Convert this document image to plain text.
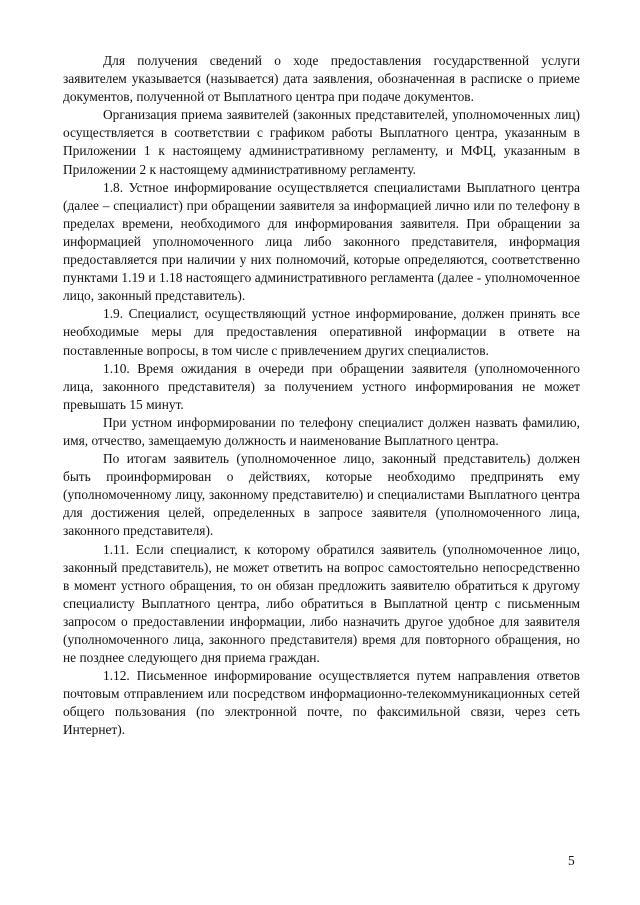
Для получения сведений о ходе предоставления государственной услуги заявителем указывается (называется) дата заявления, обозначенная в расписке о приеме документов, полученной от Выплатного центра при подаче документов.

Организация приема заявителей (законных представителей, уполномоченных лиц) осуществляется в соответствии с графиком работы Выплатного центра, указанным в Приложении 1 к настоящему административному регламенту, и МФЦ, указанным в Приложении 2 к настоящему административному регламенту.

1.8. Устное информирование осуществляется специалистами Выплатного центра (далее – специалист) при обращении заявителя за информацией лично или по телефону в пределах времени, необходимого для информирования заявителя. При обращении за информацией уполномоченного лица либо законного представителя, информация предоставляется при наличии у них полномочий, которые определяются, соответственно пунктами 1.19 и 1.18 настоящего административного регламента (далее - уполномоченное лицо, законный представитель).

1.9. Специалист, осуществляющий устное информирование, должен принять все необходимые меры для предоставления оперативной информации в ответе на поставленные вопросы, в том числе с привлечением других специалистов.

1.10. Время ожидания в очереди при обращении заявителя (уполномоченного лица, законного представителя) за получением устного информирования не может превышать 15 минут.

При устном информировании по телефону специалист должен назвать фамилию, имя, отчество, замещаемую должность и наименование Выплатного центра.

По итогам заявитель (уполномоченное лицо, законный представитель) должен быть проинформирован о действиях, которые необходимо предпринять ему (уполномоченному лицу, законному представителю) и специалистами Выплатного центра для достижения целей, определенных в запросе заявителя (уполномоченного лица, законного представителя).

1.11. Если специалист, к которому обратился заявитель (уполномоченное лицо, законный представитель), не может ответить на вопрос самостоятельно непосредственно в момент устного обращения, то он обязан предложить заявителю обратиться к другому специалисту Выплатного центра, либо обратиться в Выплатной центр с письменным запросом о предоставлении информации, либо назначить другое удобное для заявителя (уполномоченного лица, законного представителя) время для повторного обращения, но не позднее следующего дня приема граждан.

1.12. Письменное информирование осуществляется путем направления ответов почтовым отправлением или посредством информационно-телекоммуникационных сетей общего пользования (по электронной почте, по факсимильной связи, через сеть Интернет).

5
